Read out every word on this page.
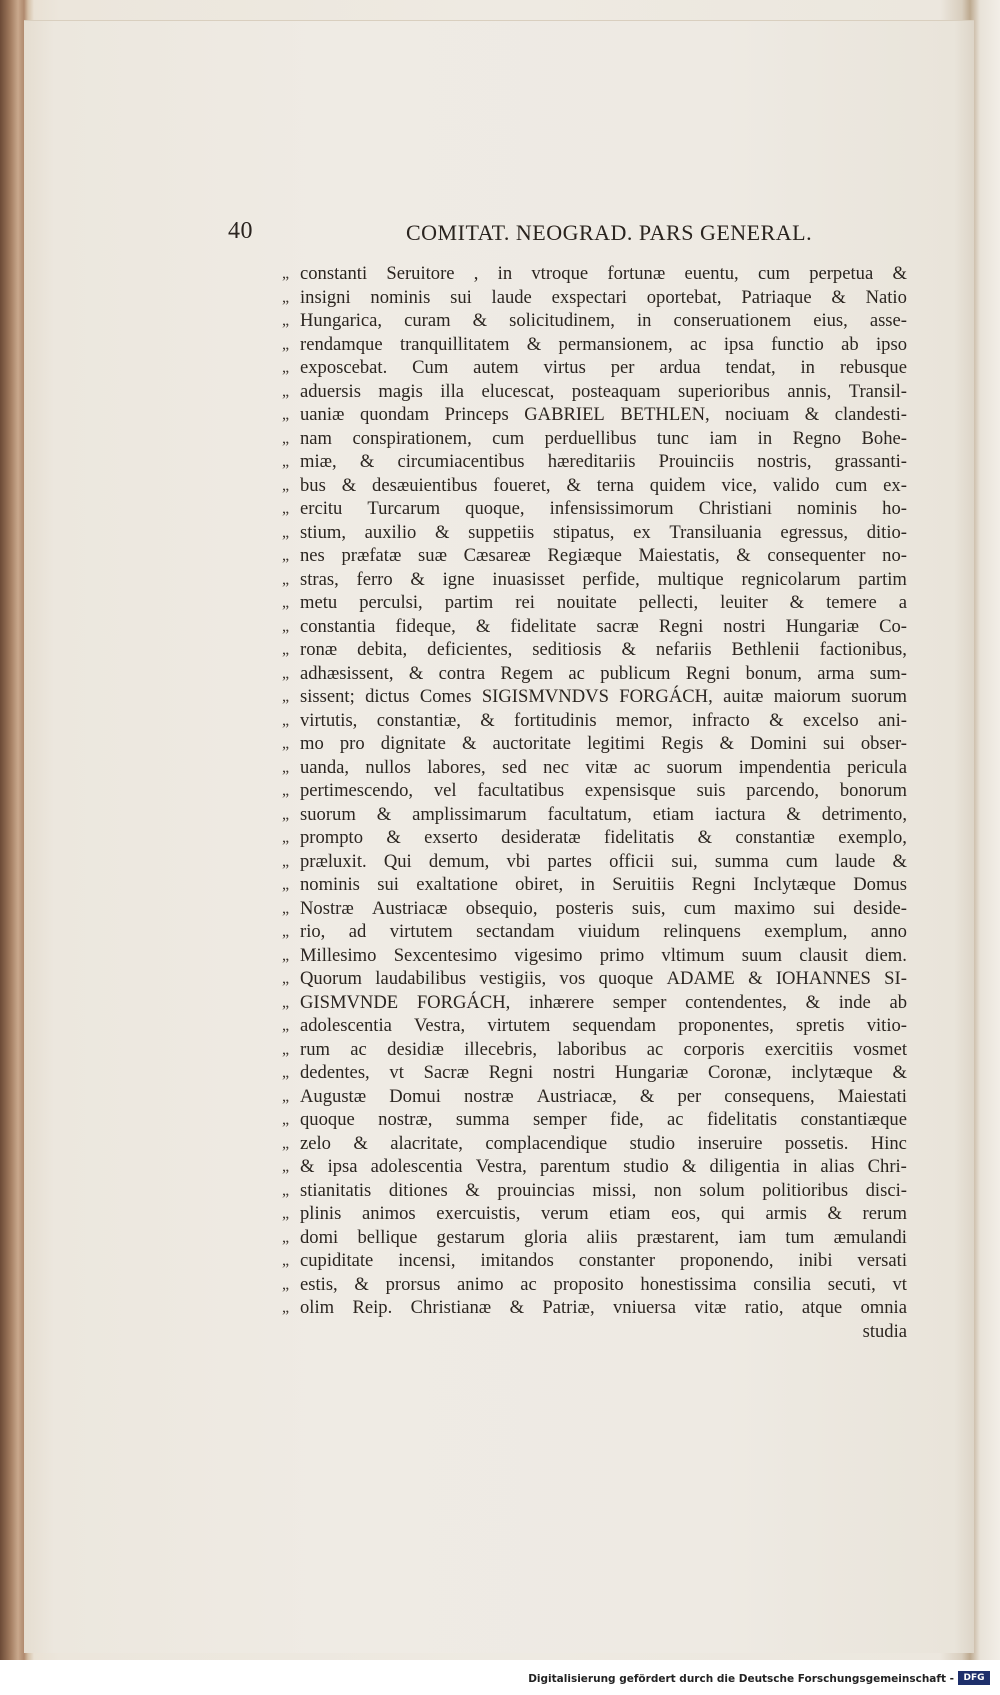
40	COMITAT. NEOGRAD. PARS GENERAL.
„ constanti Seruitore , in vtroque fortunæ euentu, cum perpetua &
„ insigni nominis sui laude exspectari oportebat, Patriaque & Natio
„ Hungarica, curam & solicitudinem, in conseruationem eius, asse-
„ rendamque tranquillitatem & permansionem, ac ipsa functio ab ipso
„ exposcebat. Cum autem virtus per ardua tendat, in rebusque
„ aduersis magis illa elucescat, posteaquam superioribus annis, Transil-
„ uaniæ quondam Princeps GABRIEL BETHLEN, nociuam & clandesti-
„ nam conspirationem, cum perduellibus tunc iam in Regno Bohe-
„ miæ, & circumiacentibus hæreditariis Prouinciis nostris, grassanti-
„ bus & desæuientibus foueret, & terna quidem vice, valido cum ex-
„ ercitu Turcarum quoque, infensissimorum Christiani nominis ho-
„ stium, auxilio & suppetiis stipatus, ex Transiluania egressus, ditio-
„ nes præfatæ suæ Cæsareæ Regiæque Maiestatis, & consequenter no-
„ stras, ferro & igne inuasisset perfide, multique regnicolarum partim
„ metu perculsi, partim rei nouitate pellecti, leuiter & temere a
„ constantia fideque, & fidelitate sacræ Regni nostri Hungariæ Co-
„ ronæ debita, deficientes, seditiosis & nefariis Bethlenii factionibus,
„ adhæsissent, & contra Regem ac publicum Regni bonum, arma sum-
„ sissent; dictus Comes SIGISMVNDVS FORGÁCH, auitæ maiorum suorum
„ virtutis, constantiæ, & fortitudinis memor, infracto & excelso ani-
„ mo pro dignitate & auctoritate legitimi Regis & Domini sui obser-
„ uanda, nullos labores, sed nec vitæ ac suorum impendentia pericula
„ pertimescendo, vel facultatibus expensisque suis parcendo, bonorum
„ suorum & amplissimarum facultatum, etiam iactura & detrimento,
„ prompto & exserto desideratæ fidelitatis & constantiæ exemplo,
„ præluxit. Qui demum, vbi partes officii sui, summa cum laude &
„ nominis sui exaltatione obiret, in Seruitiis Regni Inclytæque Domus
„ Nostræ Austriacæ obsequio, posteris suis, cum maximo sui deside-
„ rio, ad virtutem sectandam viuidum relinquens exemplum, anno
„ Millesimo Sexcentesimo vigesimo primo vltimum suum clausit diem.
„ Quorum laudabilibus vestigiis, vos quoque ADAME & IOHANNES SI-
„ GISMVNDE FORGÁCH, inhærere semper contendentes, & inde ab
„ adolescentia Vestra, virtutem sequendam proponentes, spretis vitio-
„ rum ac desidiæ illecebris, laboribus ac corporis exercitiis vosmet
„ dedentes, vt Sacræ Regni nostri Hungariæ Coronæ, inclytæque &
„ Augustæ Domui nostræ Austriacæ, & per consequens, Maiestati
„ quoque nostræ, summa semper fide, ac fidelitatis constantiæque
„ zelo & alacritate, complacendique studio inseruire possetis. Hinc
„ & ipsa adolescentia Vestra, parentum studio & diligentia in alias Chri-
„ stianitatis ditiones & prouincias missi, non solum politioribus disci-
„ plinis animos exercuistis, verum etiam eos, qui armis & rerum
„ domi bellique gestarum gloria aliis præstarent, iam tum æmulandi
„ cupiditate incensi, imitandos constanter proponendo, inibi versati
„ estis, & prorsus animo ac proposito honestissima consilia secuti, vt
„ olim Reip. Christianæ & Patriæ, vniuersa vitæ ratio, atque omnia
studia
Digitalisierung gefördert durch die Deutsche Forschungsgemeinschaft -	DFG
